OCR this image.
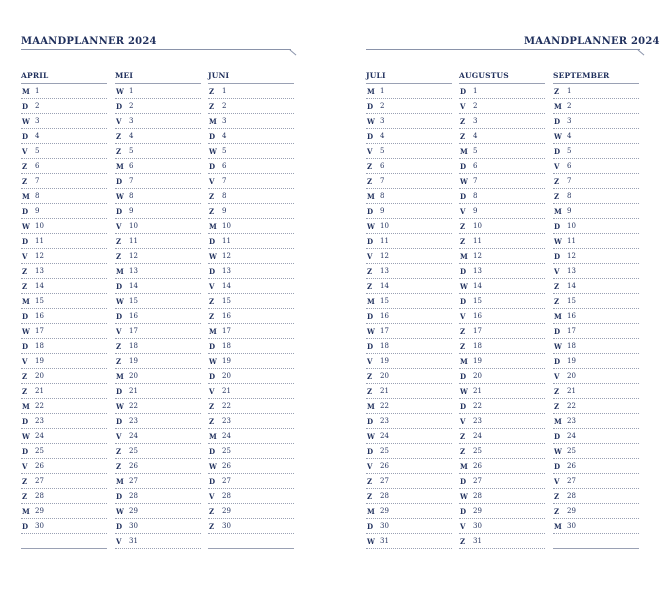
MAANDPLANNER 2024
APRIL
M 1
D 2
W 3
D 4
V	5
Z	6
Z	7
M 8
D 9
W 10
D 11
V	12
Z	13
Z	14
M 15
D 16
W 17
D 18
V	19
Z	20
Z	21
M 22
D 23
W 24
D 25
V	26
Z	27
Z	28
M 29
D 30
MEI
W 1
D 2
V	3
Z	4
Z	5
M 6
D 7
W 8
D 9
V	10
Z	11
Z	12
M 13
D 14
W 15
D 16
V	17
Z	18
Z	19
M 20
D 21
W 22
D 23
V	24
Z	25
Z	26
M 27
D 28
W 29
D 30
V	31
JUNI
Z	1
Z	2
M 3
D 4
W 5
D 6
V	7
Z	8
Z	9
M 10
D 11
W 12
D 13
V	14
Z	15
Z	16
M 17
D 18
W 19
D 20
V	21
Z	22
Z	23
M 24
D 25
W 26
D 27
V	28
Z	29
Z	30
MAANDPLANNER 2024
JULI
M 1
D 2
W 3
D 4
V	5
Z	6
Z	7
M 8
D 9
W 10
D 11
V	12
Z	13
Z	14
M 15
D 16
W 17
D 18
V	19
Z	20
Z	21
M 22
D 23
W 24
D 25
V	26
Z	27
Z	28
M 29
D 30
W 31
AUGUSTUS
D 1
V	2
Z	3
Z	4
M 5
D 6
W 7
D 8
V	9
Z	10
Z	11
M 12
D 13
W 14
D 15
V	16
Z	17
Z	18
M 19
D 20
W 21
D 22
V	23
Z	24
Z	25
M 26
D 27
W 28
D 29
V	30
Z	31
SEPTEMBER
Z	1
M 2
D 3
W 4
D 5
V	6
Z	7
Z	8
M 9
D 10
W 11
D 12
V	13
Z	14
Z	15
M 16
D 17
W 18
D 19
V	20
Z	21
Z	22
M 23
D 24
W 25
D 26
V	27
Z	28
Z	29
M 30
